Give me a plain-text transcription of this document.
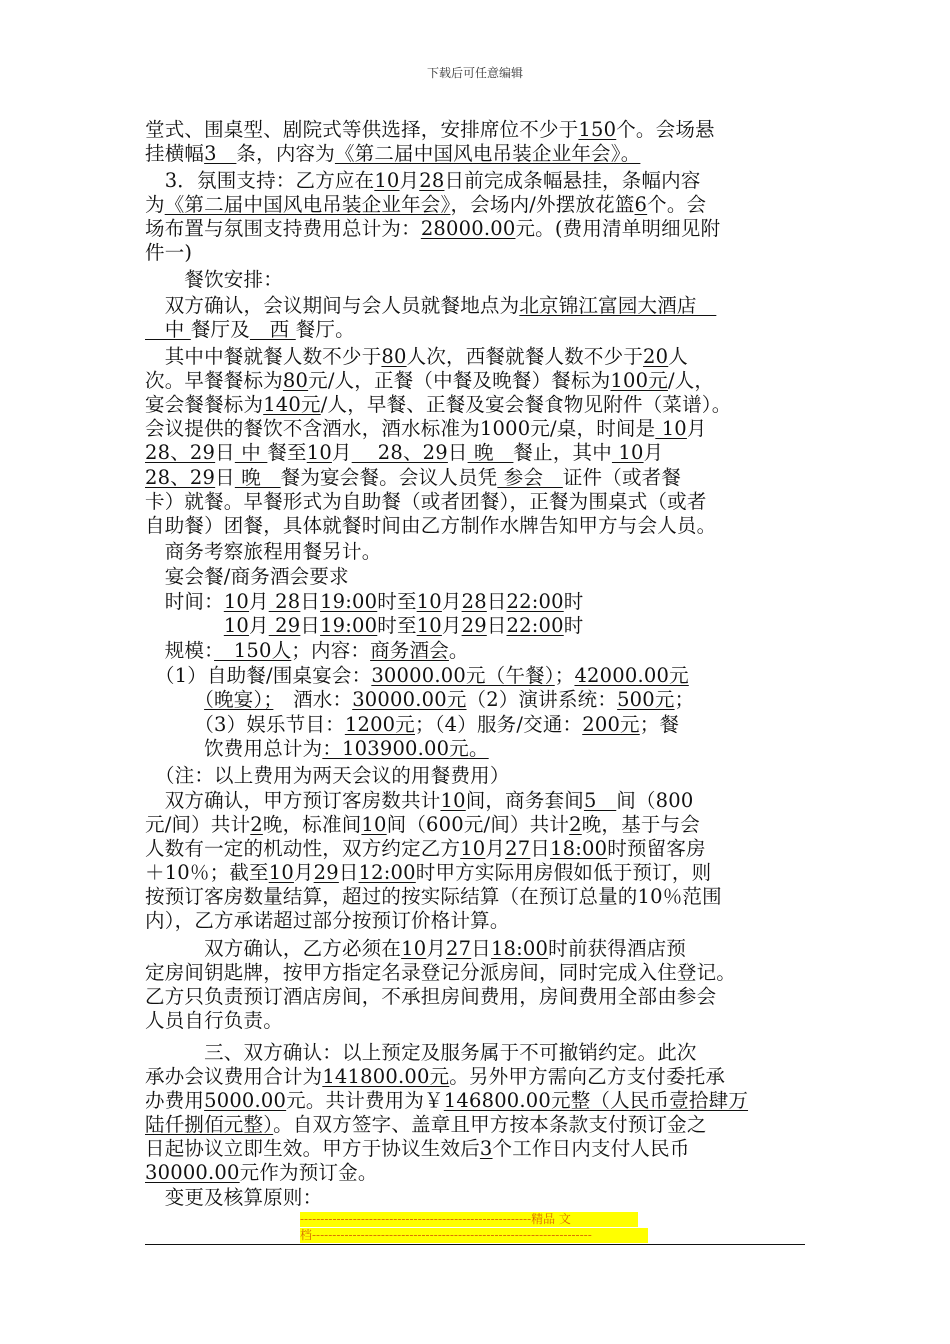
下载后可任意编辑
堂式、围桌型、剧院式等供选择，安排席位不少于150个。会场悬
挂横幅3　条，内容为《第二届中国风电吊装企业年会》。
　3．氛围支持：乙方应在10月28日前完成条幅悬挂，条幅内容
为《第二届中国风电吊装企业年会》，会场内/外摆放花篮6个。会
场布置与氛围支持费用总计为：28000.00元。(费用清单明细见附
件一)
　　餐饮安排：
　双方确认，会议期间与会人员就餐地点为北京锦江富园大酒店　
　中 餐厅及　西 餐厅。
　其中中餐就餐人数不少于80人次，西餐就餐人数不少于20人
次。早餐餐标为80元/人，正餐（中餐及晚餐）餐标为100元/人，
宴会餐餐标为140元/人，早餐、正餐及宴会餐食物见附件（菜谱）。
会议提供的餐饮不含酒水，酒水标准为1000元/桌，时间是 10月
28、29日 中 餐至10月　 28、29日 晚　餐止，其中 10月
28、29日 晚　餐为宴会餐。会议人员凭 参会　证件（或者餐
卡）就餐。早餐形式为自助餐（或者团餐），正餐为围桌式（或者
自助餐）团餐，具体就餐时间由乙方制作水牌告知甲方与会人员。
　商务考察旅程用餐另计。
　宴会餐/商务酒会要求
　时间：10月 28日19:00时至10月28日22:00时
　　　　10月 29日19:00时至10月29日22:00时
　规模：　150人；内容：商务酒会。
　（1）自助餐/围桌宴会：30000.00元（午餐）；42000.00元
　　　（晚宴）；　酒水：30000.00元（2）演讲系统：500元；
　　　（3）娱乐节目：1200元；（4）服务/交通：200元；餐
　　　饮费用总计为：103900.00元。
　（注：以上费用为两天会议的用餐费用）
　双方确认，甲方预订客房数共计10间，商务套间5　间（800
元/间）共计2晚，标准间10间（600元/间）共计2晚，基于与会
人数有一定的机动性，双方约定乙方10月27日18:00时预留客房
＋10％；截至10月29日12:00时甲方实际用房假如低于预订，则
按预订客房数量结算，超过的按实际结算（在预订总量的10％范围
内），乙方承诺超过部分按预订价格计算。
　　　双方确认，乙方必须在10月27日18:00时前获得酒店预
定房间钥匙牌，按甲方指定名录登记分派房间，同时完成入住登记。
乙方只负责预订酒店房间，不承担房间费用，房间费用全部由参会
人员自行负责。
　　　三、双方确认：以上预定及服务属于不可撤销约定。此次
承办会议费用合计为141800.00元。另外甲方需向乙方支付委托承
办费用5000.00元。共计费用为￥146800.00元整（人民币壹拾肆万
陆仟捌佰元整）。自双方签字、盖章且甲方按本条款支付预订金之
日起协议立即生效。甲方于协议生效后3个工作日内支付人民币
30000.00元作为预订金。
　变更及核算原则：
---------------------------------------------------------精品 文
档---------------------------------------------------------------------
